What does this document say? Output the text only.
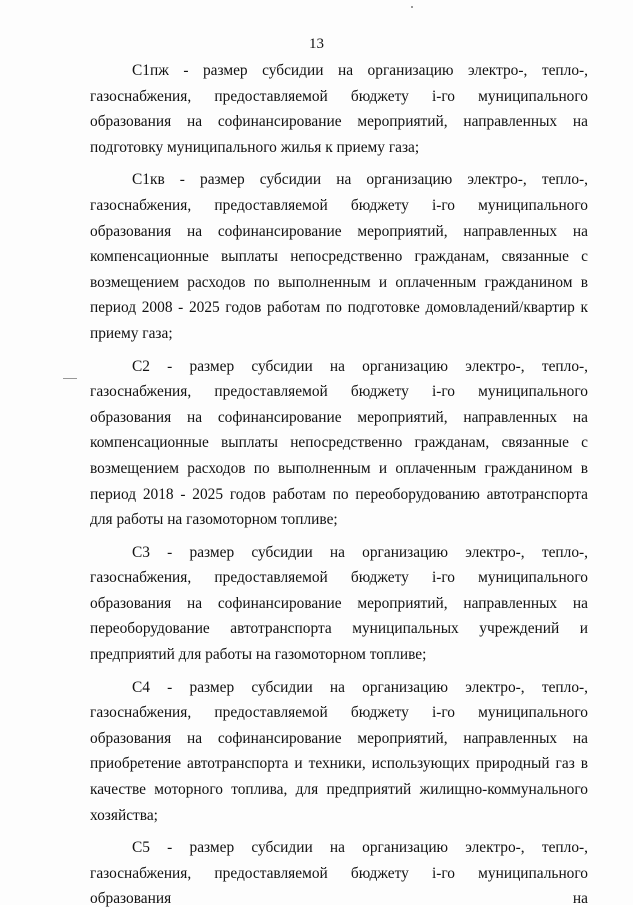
13

С1пж - размер субсидии на организацию электро-, тепло-, газоснабжения, предоставляемой бюджету i-го муниципального образования на софинансирование мероприятий, направленных на подготовку муниципального жилья к приему газа;

С1кв - размер субсидии на организацию электро-, тепло-, газоснабжения, предоставляемой бюджету i-го муниципального образования на софинансирование мероприятий, направленных на компенсационные выплаты непосредственно гражданам, связанные с возмещением расходов по выполненным и оплаченным гражданином в период 2008 - 2025 годов работам по подготовке домовладений/квартир к приему газа;

С2 - размер субсидии на организацию электро-, тепло-, газоснабжения, предоставляемой бюджету i-го муниципального образования на софинансирование мероприятий, направленных на компенсационные выплаты непосредственно гражданам, связанные с возмещением расходов по выполненным и оплаченным гражданином в период 2018 - 2025 годов работам по переоборудованию автотранспорта для работы на газомоторном топливе;

С3 - размер субсидии на организацию электро-, тепло-, газоснабжения, предоставляемой бюджету i-го муниципального образования на софинансирование мероприятий, направленных на переоборудование автотранспорта муниципальных учреждений и предприятий для работы на газомоторном топливе;

С4 - размер субсидии на организацию электро-, тепло-, газоснабжения, предоставляемой бюджету i-го муниципального образования на софинансирование мероприятий, направленных на приобретение автотранспорта и техники, использующих природный газ в качестве моторного топлива, для предприятий жилищно-коммунального хозяйства;

С5 - размер субсидии на организацию электро-, тепло-, газоснабжения, предоставляемой бюджету i-го муниципального образования на
